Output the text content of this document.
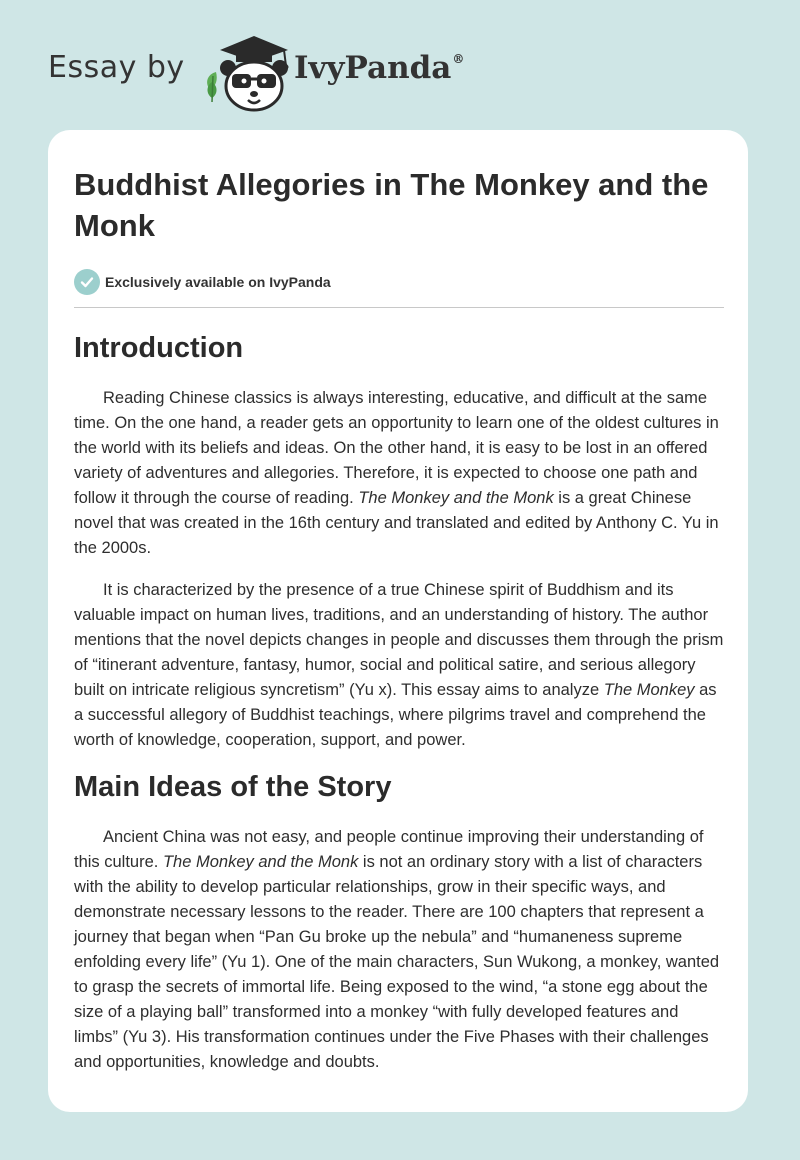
Essay by	IvyPanda®
Buddhist Allegories in The Monkey and the Monk
Exclusively available on IvyPanda
Introduction

Reading Chinese classics is always interesting, educative, and difficult at the same time. On the one hand, a reader gets an opportunity to learn one of the oldest cultures in the world with its beliefs and ideas. On the other hand, it is easy to be lost in an offered variety of adventures and allegories. Therefore, it is expected to choose one path and follow it through the course of reading. The Monkey and the Monk is a great Chinese novel that was created in the 16th century and translated and edited by Anthony C. Yu in the 2000s.

It is characterized by the presence of a true Chinese spirit of Buddhism and its valuable impact on human lives, traditions, and an understanding of history. The author mentions that the novel depicts changes in people and discusses them through the prism of “itinerant adventure, fantasy, humor, social and political satire, and serious allegory built on intricate religious syncretism” (Yu x). This essay aims to analyze The Monkey as a successful allegory of Buddhist teachings, where pilgrims travel and comprehend the worth of knowledge, cooperation, support, and power.

Main Ideas of the Story

Ancient China was not easy, and people continue improving their understanding of this culture. The Monkey and the Monk is not an ordinary story with a list of characters with the ability to develop particular relationships, grow in their specific ways, and demonstrate necessary lessons to the reader. There are 100 chapters that represent a journey that began when “Pan Gu broke up the nebula” and “humaneness supreme enfolding every life” (Yu 1). One of the main characters, Sun Wukong, a monkey, wanted to grasp the secrets of immortal life. Being exposed to the wind, “a stone egg about the size of a playing ball” transformed into a monkey “with fully developed features and limbs” (Yu 3). His transformation continues under the Five Phases with their challenges and opportunities, knowledge and doubts.
